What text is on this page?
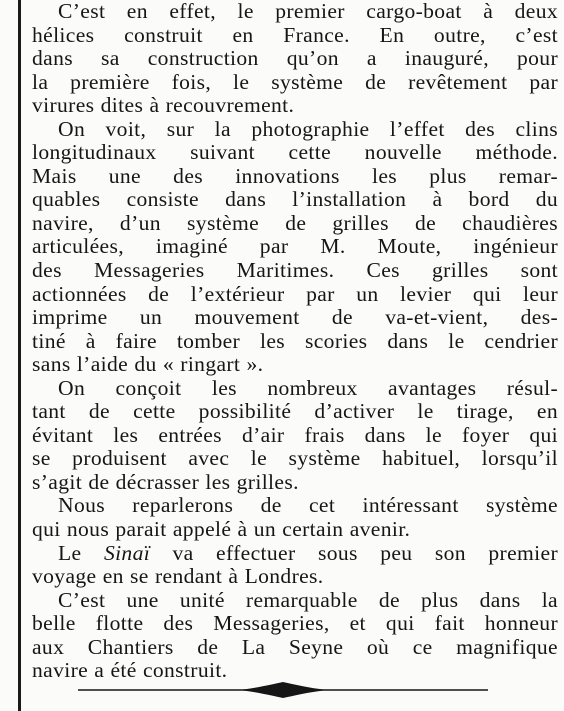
C’est en effet, le premier cargo-boat à deux
hélices construit en France. En outre, c’est
dans sa construction qu’on a inauguré, pour
la première fois, le système de revêtement par
virures dites à recouvrement.

On voit, sur la photographie l’effet des clins
longitudinaux suivant cette nouvelle méthode.
Mais une des innovations les plus remar-
quables consiste dans l’installation à bord du
navire, d’un système de grilles de chaudières
articulées, imaginé par M. Moute, ingénieur
des Messageries Maritimes. Ces grilles sont
actionnées de l’extérieur par un levier qui leur
imprime un mouvement de va-et-vient, des-
tiné à faire tomber les scories dans le cendrier
sans l’aide du « ringart ».

On conçoit les nombreux avantages résul-
tant de cette possibilité d’activer le tirage, en
évitant les entrées d’air frais dans le foyer qui
se produisent avec le système habituel, lorsqu’il
s’agit de décrasser les grilles.

Nous reparlerons de cet intéressant système
qui nous parait appelé à un certain avenir.

Le Sinaï va effectuer sous peu son premier
voyage en se rendant à Londres.

C’est une unité remarquable de plus dans la
belle flotte des Messageries, et qui fait honneur
aux Chantiers de La Seyne où ce magnifique
navire a été construit.
